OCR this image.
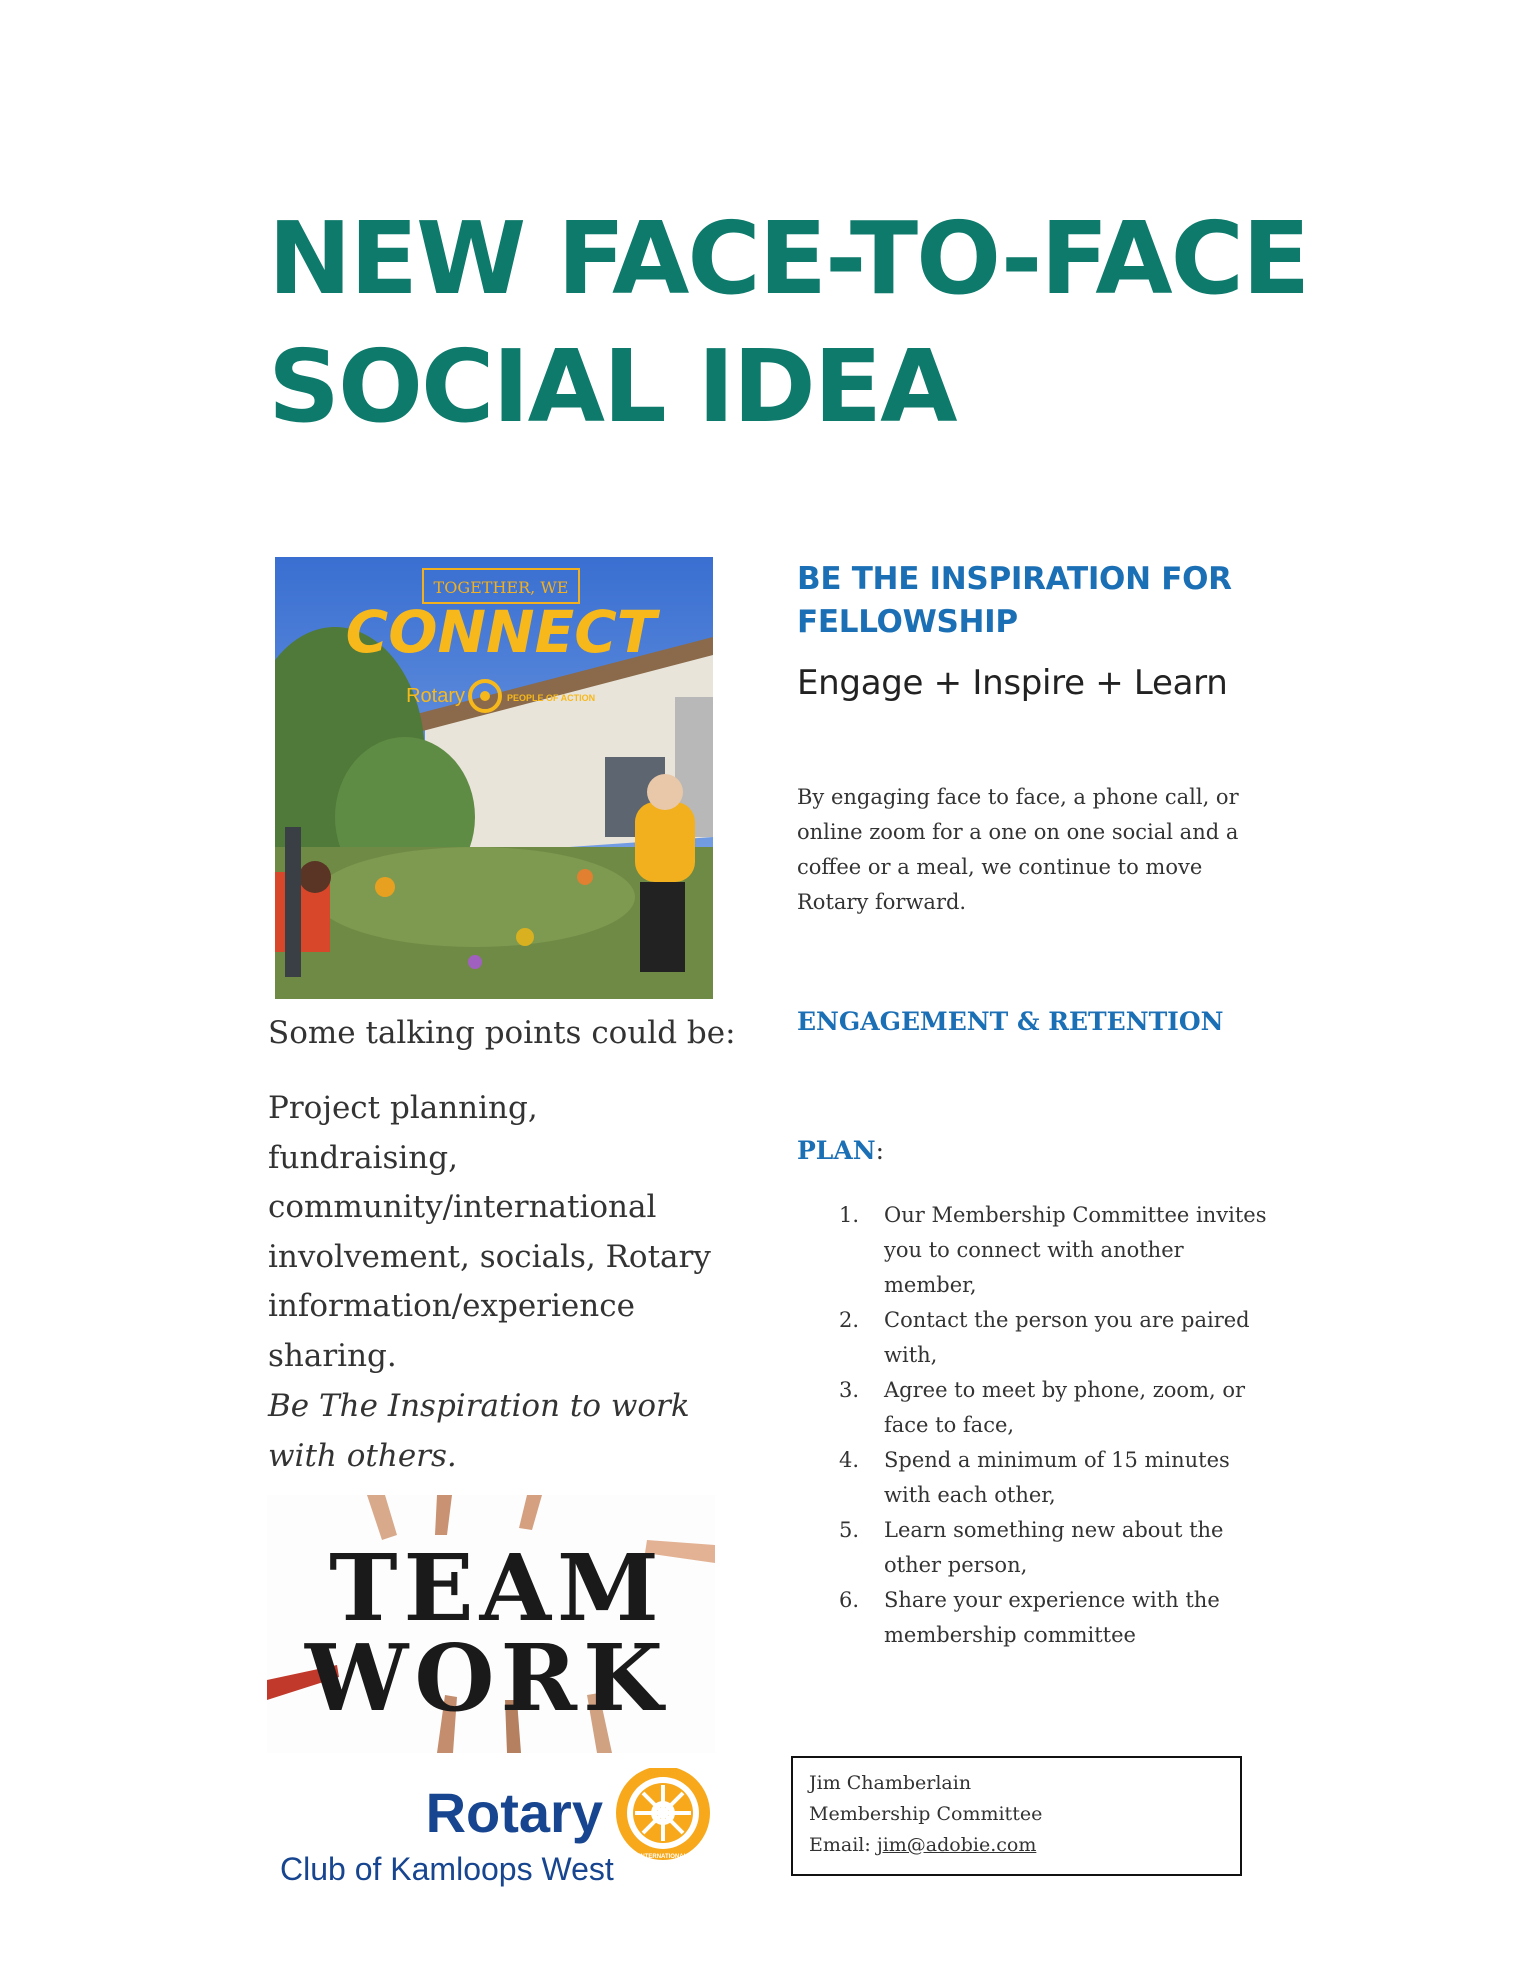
NEW FACE-TO-FACE
SOCIAL IDEA
TOGETHER, WE
CONNECT
Rotary	PEOPLE OF ACTION
Some talking points could be:
Project planning, fundraising, community/international involvement, socials, Rotary information/experience sharing.
Be The Inspiration to work with others.
TEAM
WORK
Rotary
Club of Kamloops West
ROTARY
INTERNATIONAL
BE THE INSPIRATION FOR FELLOWSHIP
Engage + Inspire + Learn
By engaging face to face, a phone call, or online zoom for a one on one social and a coffee or a meal, we continue to move Rotary forward.
ENGAGEMENT & RETENTION
PLAN:
1. Our Membership Committee invites you to connect with another member,
2. Contact the person you are paired with,
3. Agree to meet by phone, zoom, or face to face,
4. Spend a minimum of 15 minutes with each other,
5. Learn something new about the other person,
6. Share your experience with the membership committee
Jim Chamberlain
Membership Committee
Email: jim@adobie.com
